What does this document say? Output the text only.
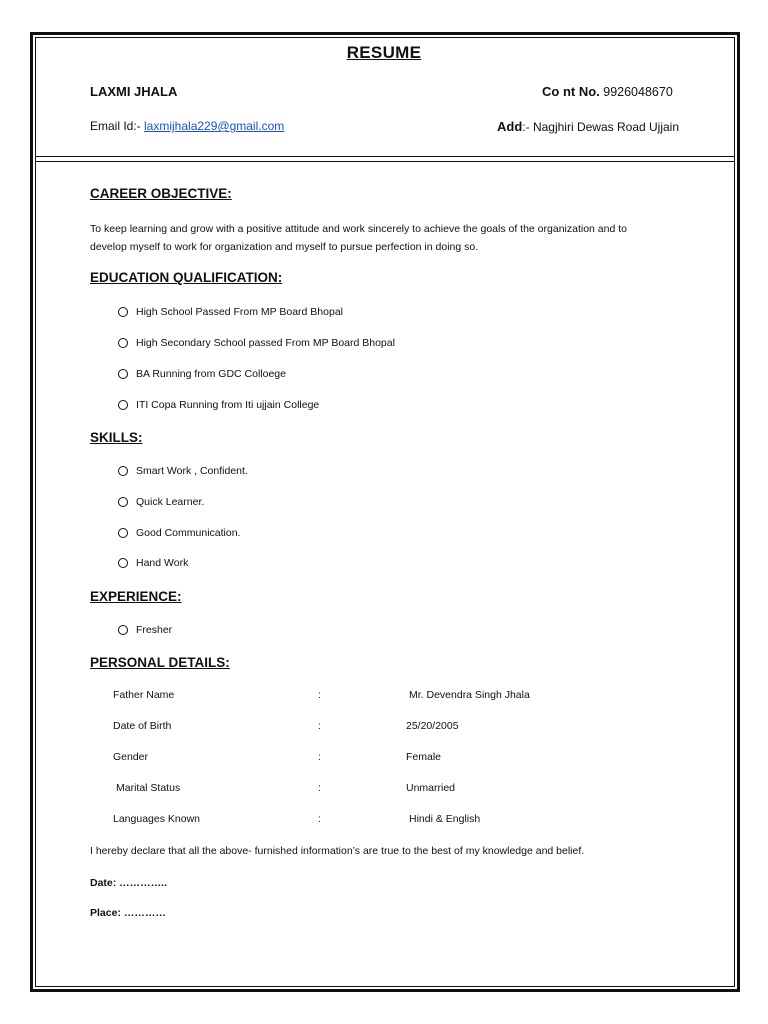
RESUME
LAXMI JHALA	Co nt No. 9926048670
Email Id:- laxmijhala229@gmail.com	Add:- Nagjhiri Dewas Road Ujjain
CAREER OBJECTIVE:
To keep learning and grow with a positive attitude and work sincerely to achieve the goals of the organization and to
develop myself to work for organization and myself to pursue perfection in doing so.
EDUCATION QUALIFICATION:
High School Passed From MP Board Bhopal
High Secondary School passed From MP Board Bhopal
BA Running from GDC Colloege
ITI Copa Running from Iti ujjain College
SKILLS:
Smart Work , Confident.
Quick Learner.
Good Communication.
Hand Work
EXPERIENCE:
Fresher
PERSONAL DETAILS:
Father Name	:	Mr. Devendra Singh Jhala
Date of Birth	:	25/20/2005
Gender	:	Female
Marital Status	:	Unmarried
Languages Known	:	Hindi & English
I hereby declare that all the above- furnished information’s are true to the best of my knowledge and belief.
Date: …………..
Place: …………
